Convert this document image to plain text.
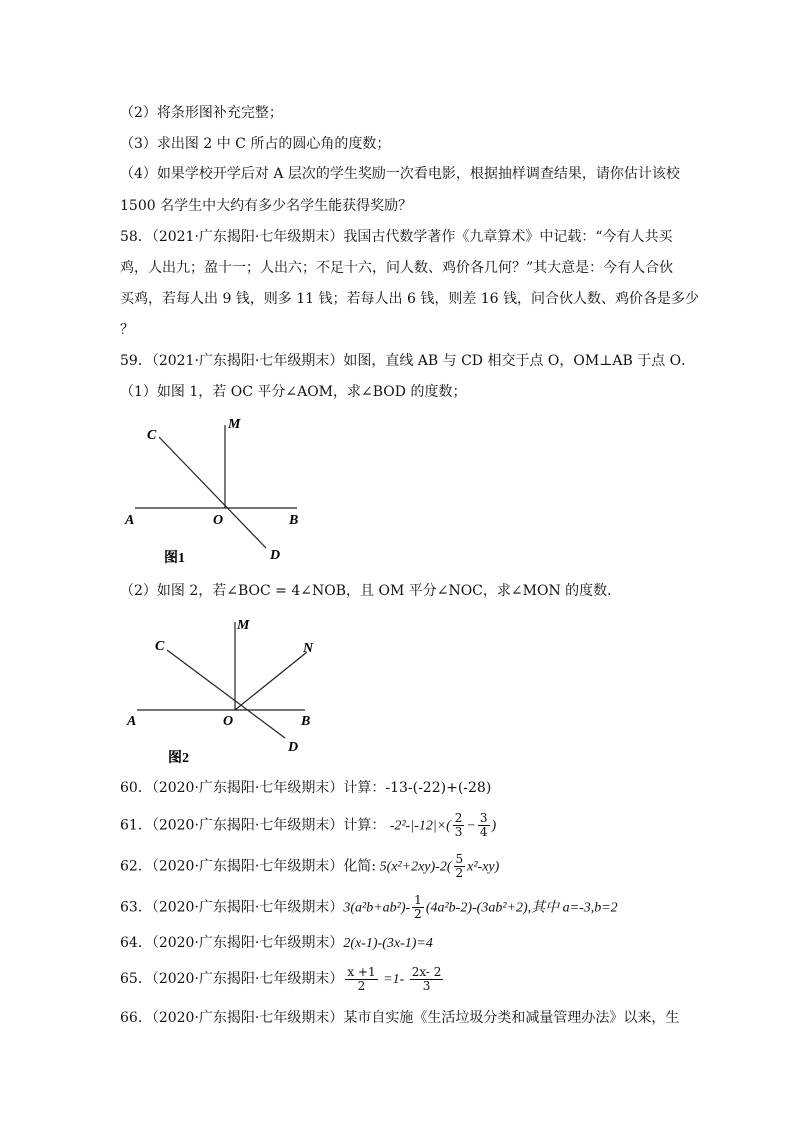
（2）将条形图补充完整；
（3）求出图 2 中 C 所占的圆心角的度数；
（4）如果学校开学后对 A 层次的学生奖励一次看电影，根据抽样调查结果，请你估计该校
1500 名学生中大约有多少名学生能获得奖励？
58．（2021·广东揭阳·七年级期末）我国古代数学著作《九章算术》中记载：“今有人共买
鸡，人出九；盈十一；人出六；不足十六，问人数、鸡价各几何？”其大意是：今有人合伙
买鸡，若每人出 9 钱，则多 11 钱；若每人出 6 钱，则差 16 钱，问合伙人数、鸡价各是多少
？
59．（2021·广东揭阳·七年级期末）如图，直线 AB 与 CD 相交于点 O，OM⊥AB 于点 O．
（1）如图 1，若 OC 平分∠AOM，求∠BOD 的度数；
C
M
A	O	B
D
图1
（2）如图 2，若∠BOC = 4∠NOB，且 OM 平分∠NOC，求∠MON 的度数．
C
M
N
A	O	B
D
图2
60．（2020·广东揭阳·七年级期末）计算：-13-(-22)+(-28)
61．（2020·广东揭阳·七年级期末）计算： $-2^2-|-12|\times( \frac{2}{3} - \frac{3}{4}$ )
62．（2020·广东揭阳·七年级期末）化简: $5(x^2+2xy)-2( \frac{5}{2} x^2-xy)$
63．（2020·广东揭阳·七年级期末）$3(a^2b+ab^2)- \frac{1}{2} (4a^2b-2)-(3ab^2+2)$,其中 a=-3,b=2
64．（2020·广东揭阳·七年级期末）2(x-1)-(3x-1)=4
65．（2020·广东揭阳·七年级期末） $\frac{x +1}{2} =1- \frac{2x- 2}{3}$
66．（2020·广东揭阳·七年级期末）某市自实施《生活垃圾分类和减量管理办法》以来，生
